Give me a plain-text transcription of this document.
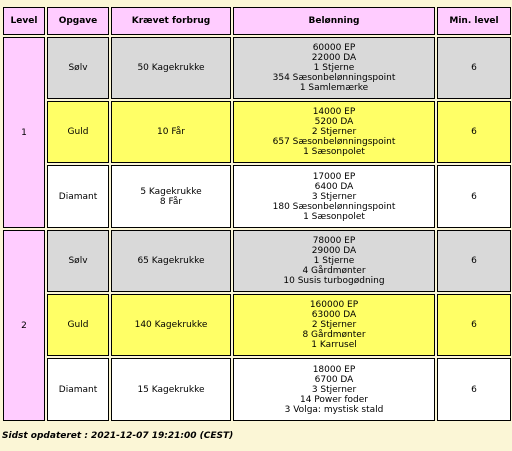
Level	Opgave	Krævet forbrug	Belønning	Min. level
1	Sølv	50 Kagekrukke	60000 EP
22000 DA
1 Stjerne
354 Sæsonbelønningspoint
1 Samlemærke	6
	Guld	10 Får	14000 EP
5200 DA
2 Stjerner
657 Sæsonbelønningspoint
1 Sæsonpolet	6
	Diamant	5 Kagekrukke
8 Får	17000 EP
6400 DA
3 Stjerner
180 Sæsonbelønningspoint
1 Sæsonpolet	6
2	Sølv	65 Kagekrukke	78000 EP
29000 DA
1 Stjerne
4 Gårdmønter
10 Susis turbogødning	6
	Guld	140 Kagekrukke	160000 EP
63000 DA
2 Stjerner
8 Gårdmønter
1 Karrusel	6
	Diamant	15 Kagekrukke	18000 EP
6700 DA
3 Stjerner
14 Power foder
3 Volga: mystisk stald	6
Sidst opdateret : 2021-12-07 19:21:00 (CEST)
